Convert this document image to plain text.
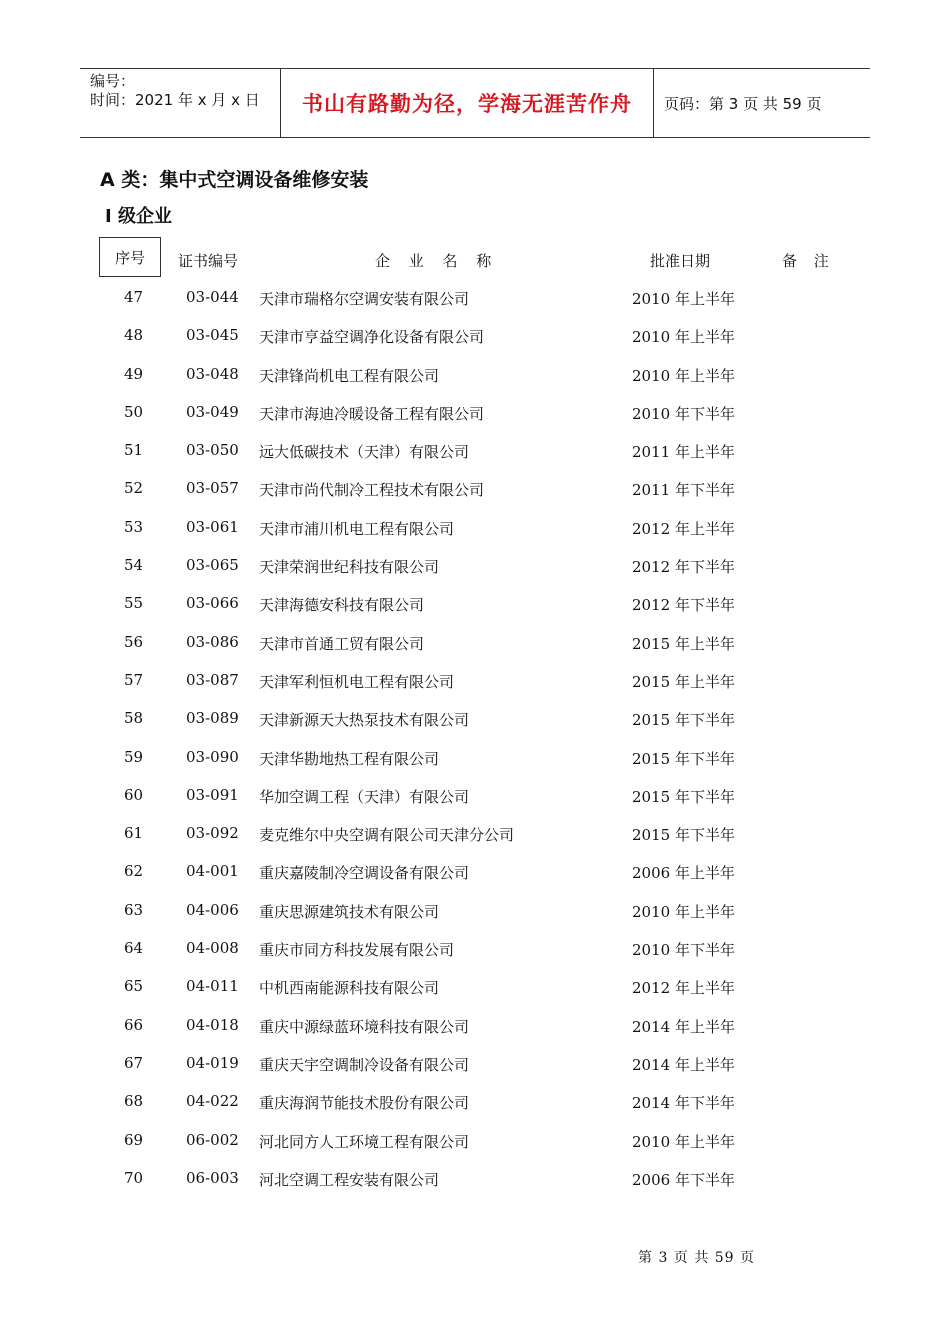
编号：
时间：2021 年 x 月 x 日	书山有路勤为径，学海无涯苦作舟	页码：第 3 页 共 59 页
A 类：集中式空调设备维修安装
Ⅰ 级企业
序号	证书编号	企 业 名 称	批准日期	备 注
47	03-044 天津市瑞格尔空调安装有限公司	2010 年上半年
48	03-045 天津市亨益空调净化设备有限公司	2010 年上半年
49	03-048 天津锋尚机电工程有限公司	2010 年上半年
50	03-049 天津市海迪冷暖设备工程有限公司	2010 年下半年
51	03-050 远大低碳技术（天津）有限公司	2011 年上半年
52	03-057 天津市尚代制冷工程技术有限公司	2011 年下半年
53	03-061 天津市浦川机电工程有限公司	2012 年上半年
54	03-065 天津荣润世纪科技有限公司	2012 年下半年
55	03-066 天津海德安科技有限公司	2012 年下半年
56	03-086 天津市首通工贸有限公司	2015 年上半年
57	03-087 天津军利恒机电工程有限公司	2015 年上半年
58	03-089 天津新源天大热泵技术有限公司	2015 年下半年
59	03-090 天津华勘地热工程有限公司	2015 年下半年
60	03-091 华加空调工程（天津）有限公司	2015 年下半年
61	03-092 麦克维尔中央空调有限公司天津分公司	2015 年下半年
62	04-001 重庆嘉陵制冷空调设备有限公司	2006 年上半年
63	04-006 重庆思源建筑技术有限公司	2010 年上半年
64	04-008 重庆市同方科技发展有限公司	2010 年下半年
65	04-011 中机西南能源科技有限公司	2012 年上半年
66	04-018 重庆中源绿蓝环境科技有限公司	2014 年上半年
67	04-019 重庆天宇空调制冷设备有限公司	2014 年上半年
68	04-022 重庆海润节能技术股份有限公司	2014 年下半年
69	06-002 河北同方人工环境工程有限公司	2010 年上半年
70	06-003 河北空调工程安装有限公司	2006 年下半年
第 3 页 共 59 页
